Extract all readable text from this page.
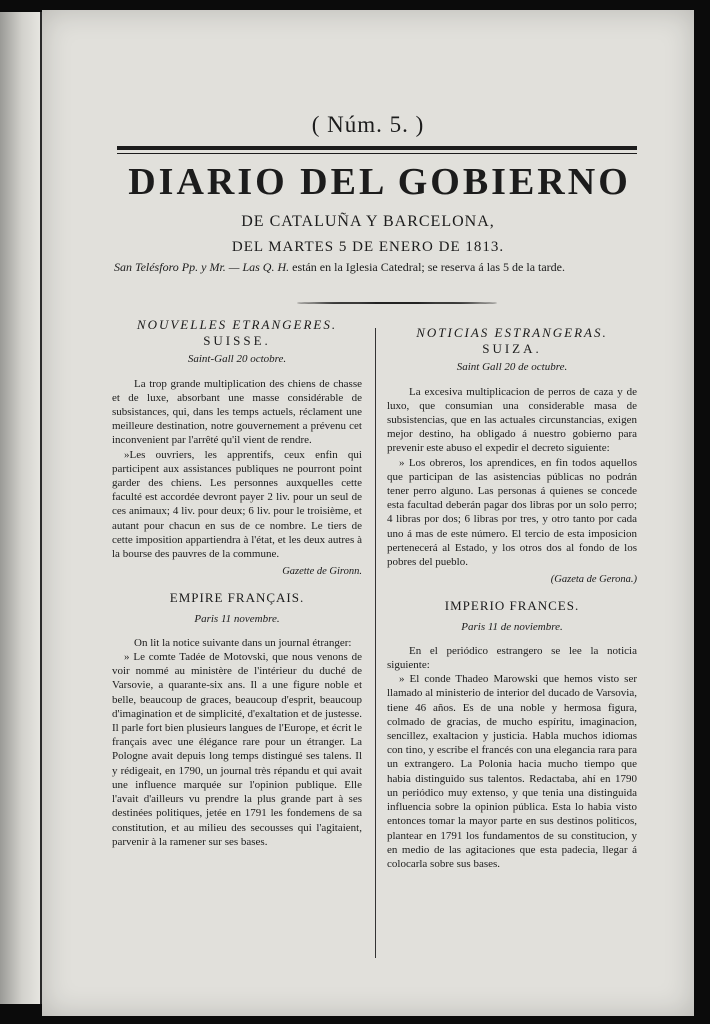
( Núm. 5. )
DIARIO DEL GOBIERNO
DE CATALUÑA Y BARCELONA,
DEL MARTES 5 DE ENERO DE 1813.
San Telésforo Pp. y Mr. — Las Q. H. están en la Iglesia Catedral; se reserva á las 5 de la tarde.
NOUVELLES ETRANGERES.
SUISSE.
Saint-Gall 20 octobre.

La trop grande multiplication des chiens de chasse et de luxe, absorbant une masse considérable de subsistances, qui, dans les temps actuels, réclament une meilleure destination, notre gouvernement a prévenu cet inconvenient par l'arrêté qu'il vient de rendre.

»Les ouvriers, les apprentifs, ceux enfin qui participent aux assistances publiques ne pourront point garder des chiens. Les personnes auxquelles cette faculté est accordée devront payer 2 liv. pour un seul de ces animaux; 4 liv. pour deux; 6 liv. pour le troisième, et autant pour chacun en sus de ce nombre. Le tiers de cette imposition appartiendra à l'état, et les deux autres à la bourse des pauvres de la commune.

Gazette de Gironn.
EMPIRE FRANÇAIS.
Paris 11 novembre.

On lit la notice suivante dans un journal étranger:

» Le comte Tadée de Motovski, que nous venons de voir nommé au ministère de l'intérieur du duché de Varsovie, a quarante-six ans. Il a une figure noble et belle, beaucoup de graces, beaucoup d'esprit, beaucoup d'imagination et de simplicité, d'exaltation et de justesse. Il parle fort bien plusieurs langues de l'Europe, et écrit le français avec une élégance rare pour un étranger. La Pologne avait depuis long temps distingué ses talens. Il y rédigeait, en 1790, un journal très répandu et qui avait une influence marquée sur l'opinion publique. Elle l'avait d'ailleurs vu prendre la plus grande part à ses destinées politiques, jetée en 1791 les fondemens de sa constitution, et au milieu des secousses qui l'agitaient, parvenir à la ramener sur ses bases.

NOTICIAS ESTRANGERAS.
SUIZA.
Saint Gall 20 de octubre.

La excesiva multiplicacion de perros de caza y de luxo, que consumian una considerable masa de subsistencias, que en las actuales circunstancias, exigen mejor destino, ha obligado á nuestro gobierno para prevenir este abuso el expedir el decreto siguiente:

» Los obreros, los aprendices, en fin todos aquellos que participan de las asistencias públicas no podrán tener perro alguno. Las personas á quienes se concede esta facultad deberán pagar dos libras por un solo perro; 4 libras por dos; 6 libras por tres, y otro tanto por cada uno á mas de este número. El tercio de esta imposicion pertenecerá al Estado, y los otros dos al fondo de los pobres del pueblo.

(Gazeta de Gerona.)
IMPERIO FRANCES.
Paris 11 de noviembre.

En el periódico estrangero se lee la noticia siguiente:

» El conde Thadeo Marowski que hemos visto ser llamado al ministerio de interior del ducado de Varsovia, tiene 46 años. Es de una noble y hermosa figura, colmado de gracias, de mucho espíritu, imaginacion, sencillez, exaltacion y justicia. Habla muchos idiomas con tino, y escribe el francés con una elegancia rara para un extrangero. La Polonia hacia mucho tiempo que habia distinguido sus talentos. Redactaba, ahí en 1790 un periódico muy extenso, y que tenia una distinguida influencia sobre la opinion pública. Esta lo habia visto entonces tomar la mayor parte en sus destinos politicos, plantear en 1791 los fundamentos de su constitucion, y en medio de las agitaciones que esta padecia, llegar á colocarla sobre sus bases.
